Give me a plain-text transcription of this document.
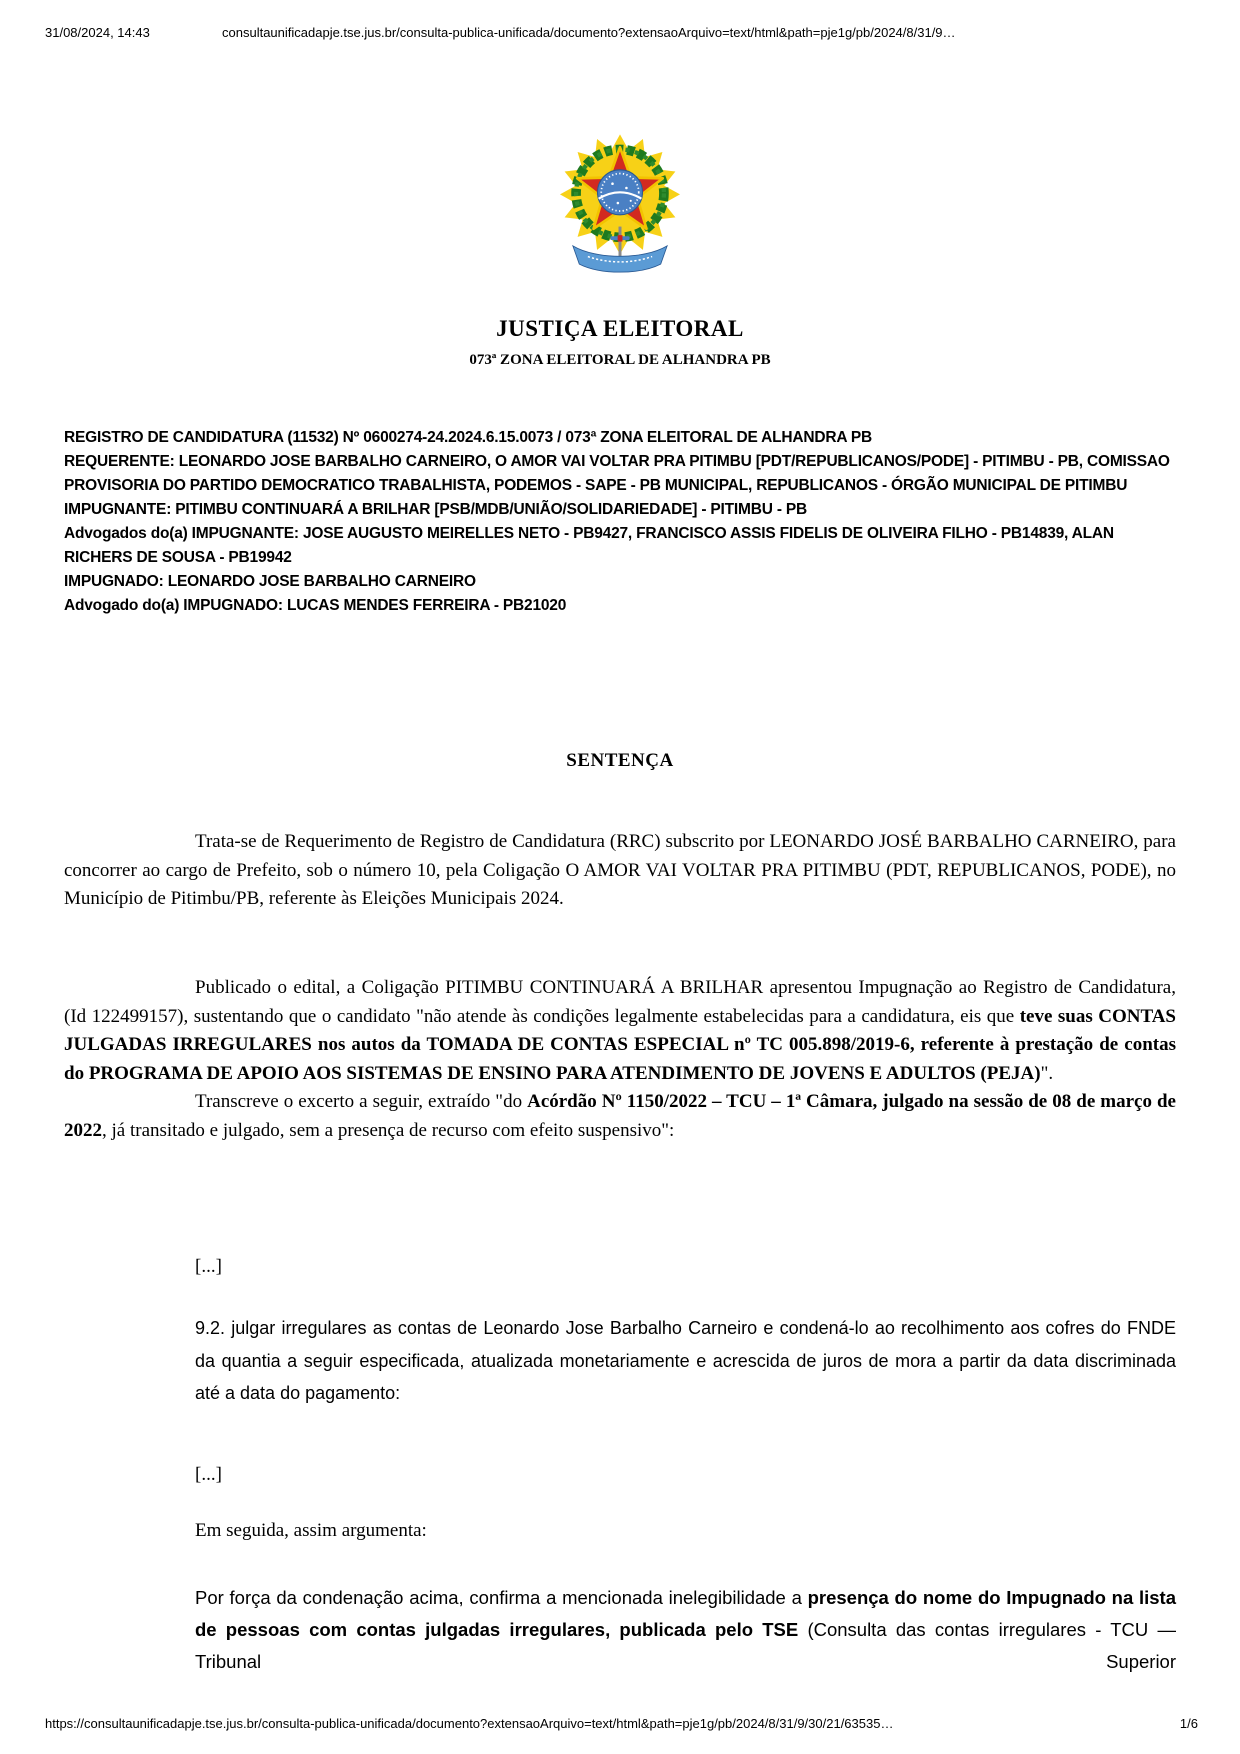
31/08/2024, 14:43	consultaunificadapje.tse.jus.br/consulta-publica-unificada/documento?extensaoArquivo=text/html&path=pje1g/pb/2024/8/31/9…
JUSTIÇA ELEITORAL
073ª ZONA ELEITORAL DE ALHANDRA PB
REGISTRO DE CANDIDATURA (11532) Nº 0600274-24.2024.6.15.0073 / 073ª ZONA ELEITORAL DE ALHANDRA PB
REQUERENTE: LEONARDO JOSE BARBALHO CARNEIRO, O AMOR VAI VOLTAR PRA PITIMBU [PDT/REPUBLICANOS/PODE] - PITIMBU - PB, COMISSAO PROVISORIA DO PARTIDO DEMOCRATICO TRABALHISTA, PODEMOS - SAPE - PB MUNICIPAL, REPUBLICANOS - ÓRGÃO MUNICIPAL DE PITIMBU
IMPUGNANTE: PITIMBU CONTINUARÁ A BRILHAR [PSB/MDB/UNIÃO/SOLIDARIEDADE] - PITIMBU - PB
Advogados do(a) IMPUGNANTE: JOSE AUGUSTO MEIRELLES NETO - PB9427, FRANCISCO ASSIS FIDELIS DE OLIVEIRA FILHO - PB14839, ALAN RICHERS DE SOUSA - PB19942
IMPUGNADO: LEONARDO JOSE BARBALHO CARNEIRO
Advogado do(a) IMPUGNADO: LUCAS MENDES FERREIRA - PB21020
SENTENÇA

Trata-se de Requerimento de Registro de Candidatura (RRC) subscrito por LEONARDO JOSÉ BARBALHO CARNEIRO, para concorrer ao cargo de Prefeito, sob o número 10, pela Coligação O AMOR VAI VOLTAR PRA PITIMBU (PDT, REPUBLICANOS, PODE), no Município de Pitimbu/PB, referente às Eleições Municipais 2024.

Publicado o edital, a Coligação PITIMBU CONTINUARÁ A BRILHAR apresentou Impugnação ao Registro de Candidatura, (Id 122499157), sustentando que o candidato "não atende às condições legalmente estabelecidas para a candidatura, eis que teve suas CONTAS JULGADAS IRREGULARES nos autos da TOMADA DE CONTAS ESPECIAL nº TC 005.898/2019-6, referente à prestação de contas do PROGRAMA DE APOIO AOS SISTEMAS DE ENSINO PARA ATENDIMENTO DE JOVENS E ADULTOS (PEJA)".

Transcreve o excerto a seguir, extraído "do Acórdão Nº 1150/2022 – TCU – 1ª Câmara, julgado na sessão de 08 de março de 2022, já transitado e julgado, sem a presença de recurso com efeito suspensivo":

[...]

9.2. julgar irregulares as contas de Leonardo Jose Barbalho Carneiro e condená-lo ao recolhimento aos cofres do FNDE da quantia a seguir especificada, atualizada monetariamente e acrescida de juros de mora a partir da data discriminada até a data do pagamento:

[...]

Em seguida, assim argumenta:

Por força da condenação acima, confirma a mencionada inelegibilidade a presença do nome do Impugnado na lista de pessoas com contas julgadas irregulares, publicada pelo TSE (Consulta das contas irregulares - TCU — Tribunal Superior

https://consultaunificadapje.tse.jus.br/consulta-publica-unificada/documento?extensaoArquivo=text/html&path=pje1g/pb/2024/8/31/9/30/21/63535…	1/6
